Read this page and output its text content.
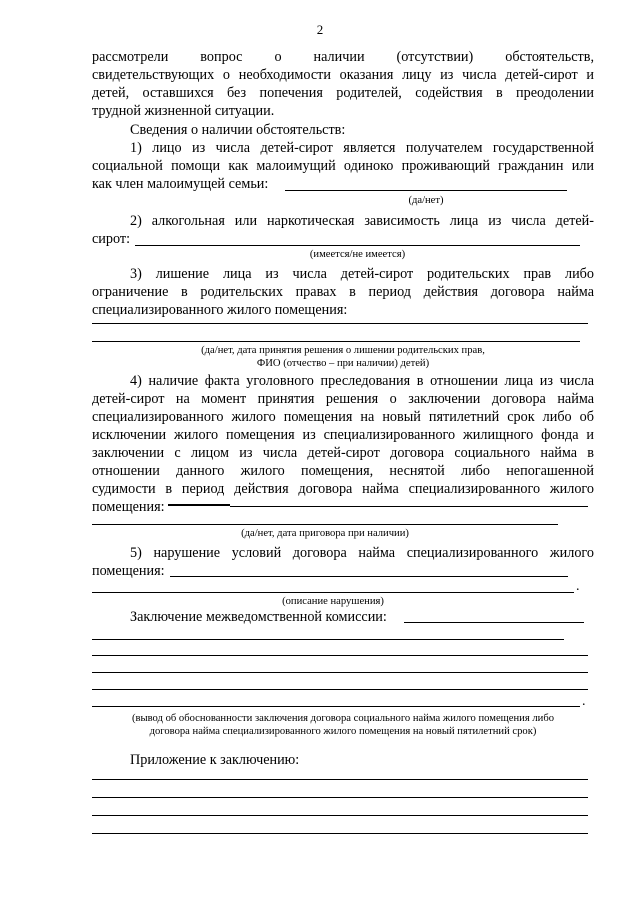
2

рассмотрели вопрос о наличии (отсутствии) обстоятельств,

свидетельствующих о необходимости оказания лицу из числа детей-сирот и

детей, оставшихся без попечения родителей, содействия в преодолении

трудной жизненной ситуации.

Сведения о наличии обстоятельств:

1) лицо из числа детей-сирот является получателем государственной

социальной помощи как малоимущий одиноко проживающий гражданин или

как член малоимущей семьи:

(да/нет)

2) алкогольная или наркотическая зависимость лица из числа детей-

сирот:

(имеется/не имеется)

3) лишение лица из числа детей-сирот родительских прав либо

ограничение в родительских правах в период действия договора найма

специализированного жилого помещения:

(да/нет, дата принятия решения о лишении родительских прав,
ФИО (отчество – при наличии) детей)

4) наличие факта уголовного преследования в отношении лица из числа

детей-сирот на момент принятия решения о заключении договора найма

специализированного жилого помещения на новый пятилетний срок либо об

исключении жилого помещения из специализированного жилищного фонда и

заключении с лицом из числа детей-сирот договора социального найма в

отношении данного жилого помещения, неснятой либо непогашенной

судимости в период действия договора найма специализированного жилого

помещения:

(да/нет, дата приговора при наличии)

5) нарушение условий договора найма специализированного жилого

помещения:

.
(описание нарушения)

Заключение межведомственной комиссии:

.
(вывод об обоснованности заключения договора социального найма жилого помещения либо
договора найма специализированного жилого помещения на новый пятилетний срок)

Приложение к заключению:
